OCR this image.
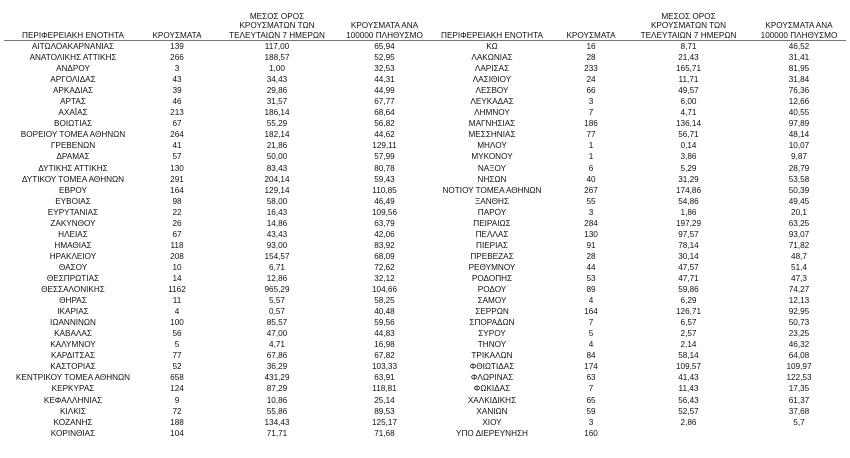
ΠΕΡΙΦΕΡΕΙΑΚΗ ΕΝΟΤΗΤΑ	ΚΡΟΥΣΜΑΤΑ	ΜΕΣΟΣ ΟΡΟΣ ΚΡΟΥΣΜΑΤΩΝ ΤΩΝ ΤΕΛΕΥΤΑΙΩΝ 7 ΗΜΕΡΩΝ	ΚΡΟΥΣΜΑΤΑ ΑΝΑ 100000 ΠΛΗΘΥΣΜΟ	ΠΕΡΙΦΕΡΕΙΑΚΗ ΕΝΟΤΗΤΑ	ΚΡΟΥΣΜΑΤΑ	ΜΕΣΟΣ ΟΡΟΣ ΚΡΟΥΣΜΑΤΩΝ ΤΩΝ ΤΕΛΕΥΤΑΙΩΝ 7 ΗΜΕΡΩΝ	ΚΡΟΥΣΜΑΤΑ ΑΝΑ 100000 ΠΛΗΘΥΣΜΟ
ΑΙΤΩΛΟΑΚΑΡΝΑΝΙΑΣ	139	117,00	65,94	ΚΩ	16	8,71	46,52
ΑΝΑΤΟΛΙΚΗΣ ΑΤΤΙΚΗΣ	266	188,57	52,95	ΛΑΚΩΝΙΑΣ	28	21,43	31,41
ΑΝΔΡΟΥ	3	1,00	32,53	ΛΑΡΙΣΑΣ	233	165,71	81,95
ΑΡΓΟΛΙΔΑΣ	43	34,43	44,31	ΛΑΣΙΘΙΟΥ	24	11,71	31,84
ΑΡΚΑΔΙΑΣ	39	29,86	44,99	ΛΕΣΒΟΥ	66	49,57	76,36
ΑΡΤΑΣ	46	31,57	67,77	ΛΕΥΚΑΔΑΣ	3	6,00	12,66
ΑΧΑΪΑΣ	213	186,14	68,64	ΛΗΜΝΟΥ	7	4,71	40,55
ΒΟΙΩΤΙΑΣ	67	55,29	56,82	ΜΑΓΝΗΣΙΑΣ	186	136,14	97,89
ΒΟΡΕΙΟΥ ΤΟΜΕΑ ΑΘΗΝΩΝ	264	182,14	44,62	ΜΕΣΣΗΝΙΑΣ	77	56,71	48,14
ΓΡΕΒΕΝΩΝ	41	21,86	129,11	ΜΗΛΟΥ	1	0,14	10,07
ΔΡΑΜΑΣ	57	50,00	57,99	ΜΥΚΟΝΟΥ	1	3,86	9,87
ΔΥΤΙΚΗΣ ΑΤΤΙΚΗΣ	130	83,43	80,78	ΝΑΞΟΥ	6	5,29	28,79
ΔΥΤΙΚΟΥ ΤΟΜΕΑ ΑΘΗΝΩΝ	291	204,14	59,43	ΝΗΣΩΝ	40	31,29	53,58
ΕΒΡΟΥ	164	129,14	110,85	ΝΟΤΙΟΥ ΤΟΜΕΑ ΑΘΗΝΩΝ	267	174,86	50,39
ΕΥΒΟΙΑΣ	98	58,00	46,49	ΞΑΝΘΗΣ	55	54,86	49,45
ΕΥΡΥΤΑΝΙΑΣ	22	16,43	109,56	ΠΑΡΟΥ	3	1,86	20,1
ΖΑΚΥΝΘΟΥ	26	14,86	63,79	ΠΕΙΡΑΙΩΣ	284	197,29	63,25
ΗΛΕΙΑΣ	67	43,43	42,06	ΠΕΛΛΑΣ	130	97,57	93,07
ΗΜΑΘΙΑΣ	118	93,00	83,92	ΠΙΕΡΙΑΣ	91	78,14	71,82
ΗΡΑΚΛΕΙΟΥ	208	154,57	68,09	ΠΡΕΒΕΖΑΣ	28	30,14	48,7
ΘΑΣΟΥ	10	6,71	72,62	ΡΕΘΥΜΝΟΥ	44	47,57	51,4
ΘΕΣΠΡΩΤΙΑΣ	14	12,86	32,12	ΡΟΔΟΠΗΣ	53	47,71	47,3
ΘΕΣΣΑΛΟΝΙΚΗΣ	1162	965,29	104,66	ΡΟΔΟΥ	89	59,86	74,27
ΘΗΡΑΣ	11	5,57	58,25	ΣΑΜΟΥ	4	6,29	12,13
ΙΚΑΡΙΑΣ	4	0,57	40,48	ΣΕΡΡΩΝ	164	126,71	92,95
ΙΩΑΝΝΙΝΩΝ	100	85,57	59,56	ΣΠΟΡΑΔΩΝ	7	6,57	50,73
ΚΑΒΑΛΑΣ	56	47,00	44,83	ΣΥΡΟΥ	5	2,57	23,25
ΚΑΛΥΜΝΟΥ	5	4,71	16,98	ΤΗΝΟΥ	4	2,14	46,32
ΚΑΡΔΙΤΣΑΣ	77	67,86	67,82	ΤΡΙΚΑΛΩΝ	84	58,14	64,08
ΚΑΣΤΟΡΙΑΣ	52	36,29	103,33	ΦΘΙΩΤΙΔΑΣ	174	109,57	109,97
ΚΕΝΤΡΙΚΟΥ ΤΟΜΕΑ ΑΘΗΝΩΝ	658	431,29	63,91	ΦΛΩΡΙΝΑΣ	63	41,43	122,53
ΚΕΡΚΥΡΑΣ	124	87,29	118,81	ΦΩΚΙΔΑΣ	7	11,43	17,35
ΚΕΦΑΛΛΗΝΙΑΣ	9	10,86	25,14	ΧΑΛΚΙΔΙΚΗΣ	65	56,43	61,37
ΚΙΛΚΙΣ	72	55,86	89,53	ΧΑΝΙΩΝ	59	52,57	37,68
ΚΟΖΑΝΗΣ	188	134,43	125,17	ΧΙΟΥ	3	2,86	5,7
ΚΟΡΙΝΘΙΑΣ	104	71,71	71,68	ΥΠΟ ΔΙΕΡΕΥΝΗΣΗ	160		
